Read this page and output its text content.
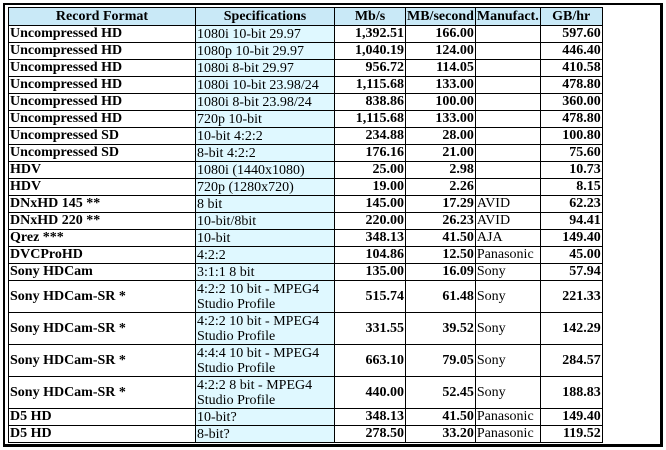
Record Format	Specifications	Mb/s	MB/second	Manufact.	GB/hr
Uncompressed HD	1080i 10-bit 29.97	1,392.51	166.00		597.60
Uncompressed HD	1080p 10-bit 29.97	1,040.19	124.00		446.40
Uncompressed HD	1080i 8-bit 29.97	956.72	114.05		410.58
Uncompressed HD	1080i 10-bit 23.98/24	1,115.68	133.00		478.80
Uncompressed HD	1080i 8-bit 23.98/24	838.86	100.00		360.00
Uncompressed HD	720p 10-bit	1,115.68	133.00		478.80
Uncompressed SD	10-bit 4:2:2	234.88	28.00		100.80
Uncompressed SD	8-bit 4:2:2	176.16	21.00		75.60
HDV	1080i (1440x1080)	25.00	2.98		10.73
HDV	720p (1280x720)	19.00	2.26		8.15
DNxHD 145 **	8 bit	145.00	17.29	AVID	62.23
DNxHD 220 **	10-bit/8bit	220.00	26.23	AVID	94.41
Qrez ***	10-bit	348.13	41.50	AJA	149.40
DVCProHD	4:2:2	104.86	12.50	Panasonic	45.00
Sony HDCam	3:1:1 8 bit	135.00	16.09	Sony	57.94
Sony HDCam-SR *	4:2:2 10 bit - MPEG4 Studio Profile	515.74	61.48	Sony	221.33
Sony HDCam-SR *	4:2:2 10 bit - MPEG4 Studio Profile	331.55	39.52	Sony	142.29
Sony HDCam-SR *	4:4:4 10 bit - MPEG4 Studio Profile	663.10	79.05	Sony	284.57
Sony HDCam-SR *	4:2:2 8 bit - MPEG4 Studio Profile	440.00	52.45	Sony	188.83
D5 HD	10-bit?	348.13	41.50	Panasonic	149.40
D5 HD	8-bit?	278.50	33.20	Panasonic	119.52
